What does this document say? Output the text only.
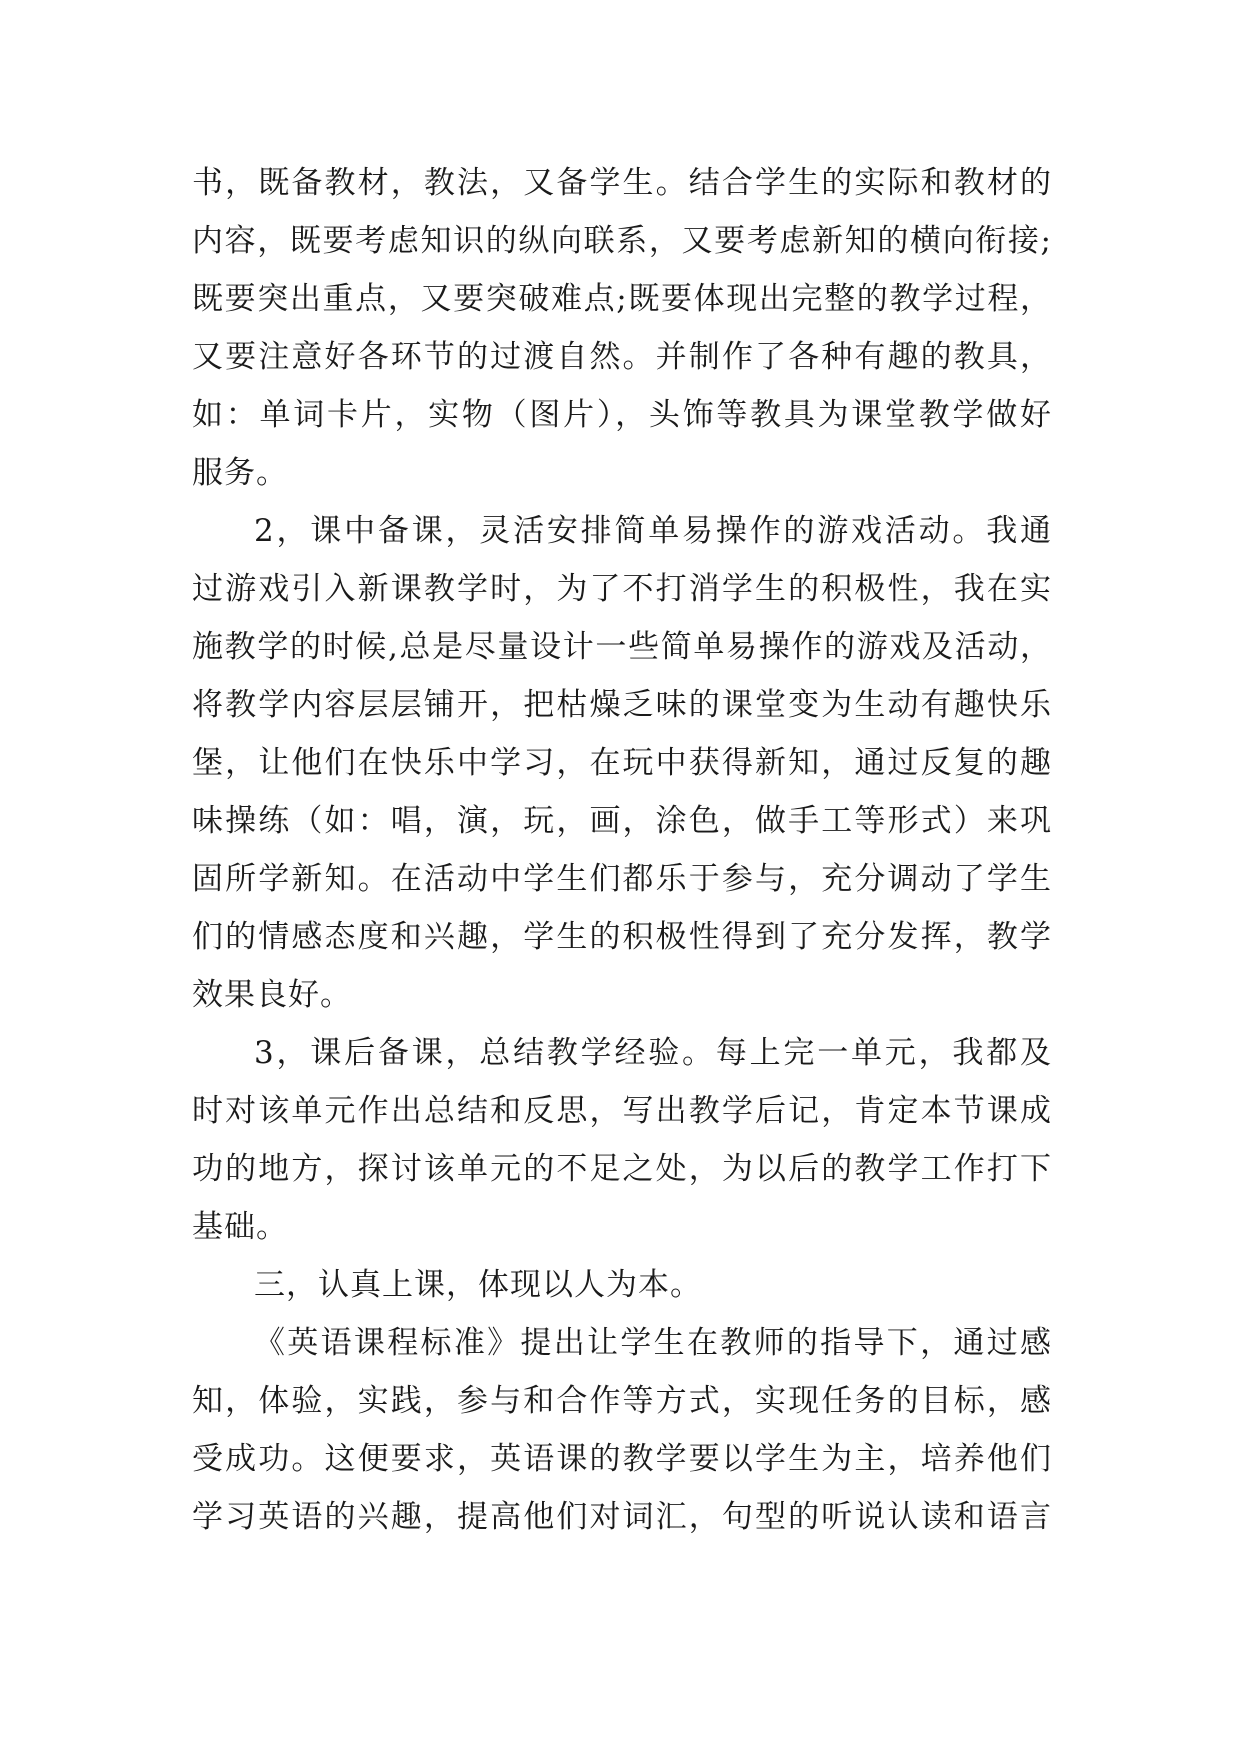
书，既备教材，教法，又备学生。结合学生的实际和教材的
内容，既要考虑知识的纵向联系，又要考虑新知的横向衔接;
既要突出重点，又要突破难点;既要体现出完整的教学过程，
又要注意好各环节的过渡自然。并制作了各种有趣的教具，
如：单词卡片，实物（图片），头饰等教具为课堂教学做好
服务。
2，课中备课，灵活安排简单易操作的游戏活动。我通
过游戏引入新课教学时，为了不打消学生的积极性，我在实
施教学的时候,总是尽量设计一些简单易操作的游戏及活动，
将教学内容层层铺开，把枯燥乏味的课堂变为生动有趣快乐
堡，让他们在快乐中学习，在玩中获得新知，通过反复的趣
味操练（如：唱，演，玩，画，涂色，做手工等形式）来巩
固所学新知。在活动中学生们都乐于参与，充分调动了学生
们的情感态度和兴趣，学生的积极性得到了充分发挥，教学
效果良好。
3，课后备课，总结教学经验。每上完一单元，我都及
时对该单元作出总结和反思，写出教学后记，肯定本节课成
功的地方，探讨该单元的不足之处，为以后的教学工作打下
基础。
三，认真上课，体现以人为本。
《英语课程标准》提出让学生在教师的指导下，通过感
知，体验，实践，参与和合作等方式，实现任务的目标，感
受成功。这便要求，英语课的教学要以学生为主，培养他们
学习英语的兴趣，提高他们对词汇，句型的听说认读和语言
